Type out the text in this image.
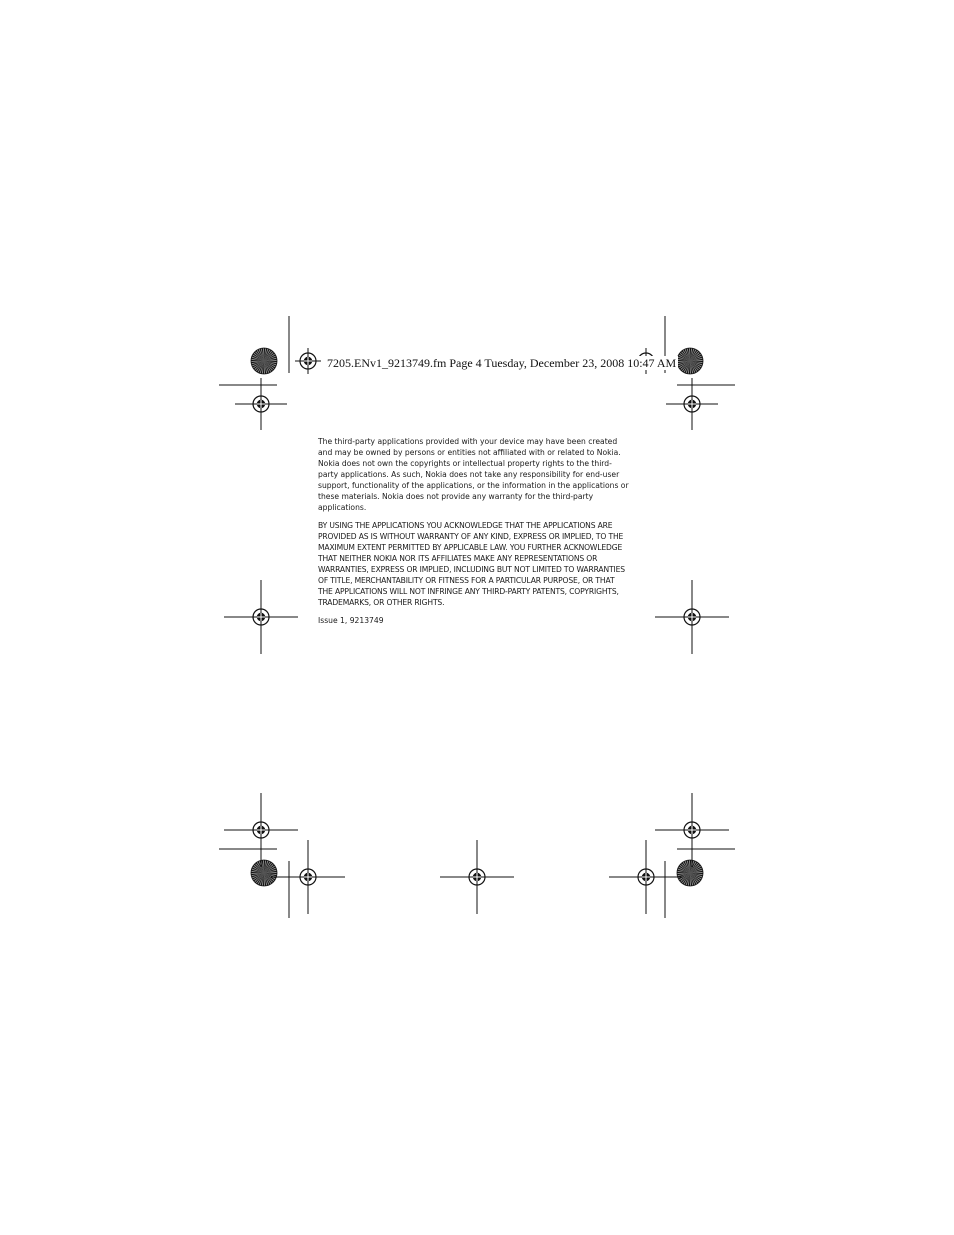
7205.ENv1_9213749.fm Page 4 Tuesday, December 23, 2008 10:47 AM

The third-party applications provided with your device may have been created and may be owned by persons or entities not affiliated with or related to Nokia. Nokia does not own the copyrights or intellectual property rights to the third-party applications. As such, Nokia does not take any responsibility for end-user support, functionality of the applications, or the information in the applications or these materials. Nokia does not provide any warranty for the third-party applications.

BY USING THE APPLICATIONS YOU ACKNOWLEDGE THAT THE APPLICATIONS ARE PROVIDED AS IS WITHOUT WARRANTY OF ANY KIND, EXPRESS OR IMPLIED, TO THE MAXIMUM EXTENT PERMITTED BY APPLICABLE LAW. YOU FURTHER ACKNOWLEDGE THAT NEITHER NOKIA NOR ITS AFFILIATES MAKE ANY REPRESENTATIONS OR WARRANTIES, EXPRESS OR IMPLIED, INCLUDING BUT NOT LIMITED TO WARRANTIES OF TITLE, MERCHANTABILITY OR FITNESS FOR A PARTICULAR PURPOSE, OR THAT THE APPLICATIONS WILL NOT INFRINGE ANY THIRD-PARTY PATENTS, COPYRIGHTS, TRADEMARKS, OR OTHER RIGHTS.

Issue 1, 9213749
